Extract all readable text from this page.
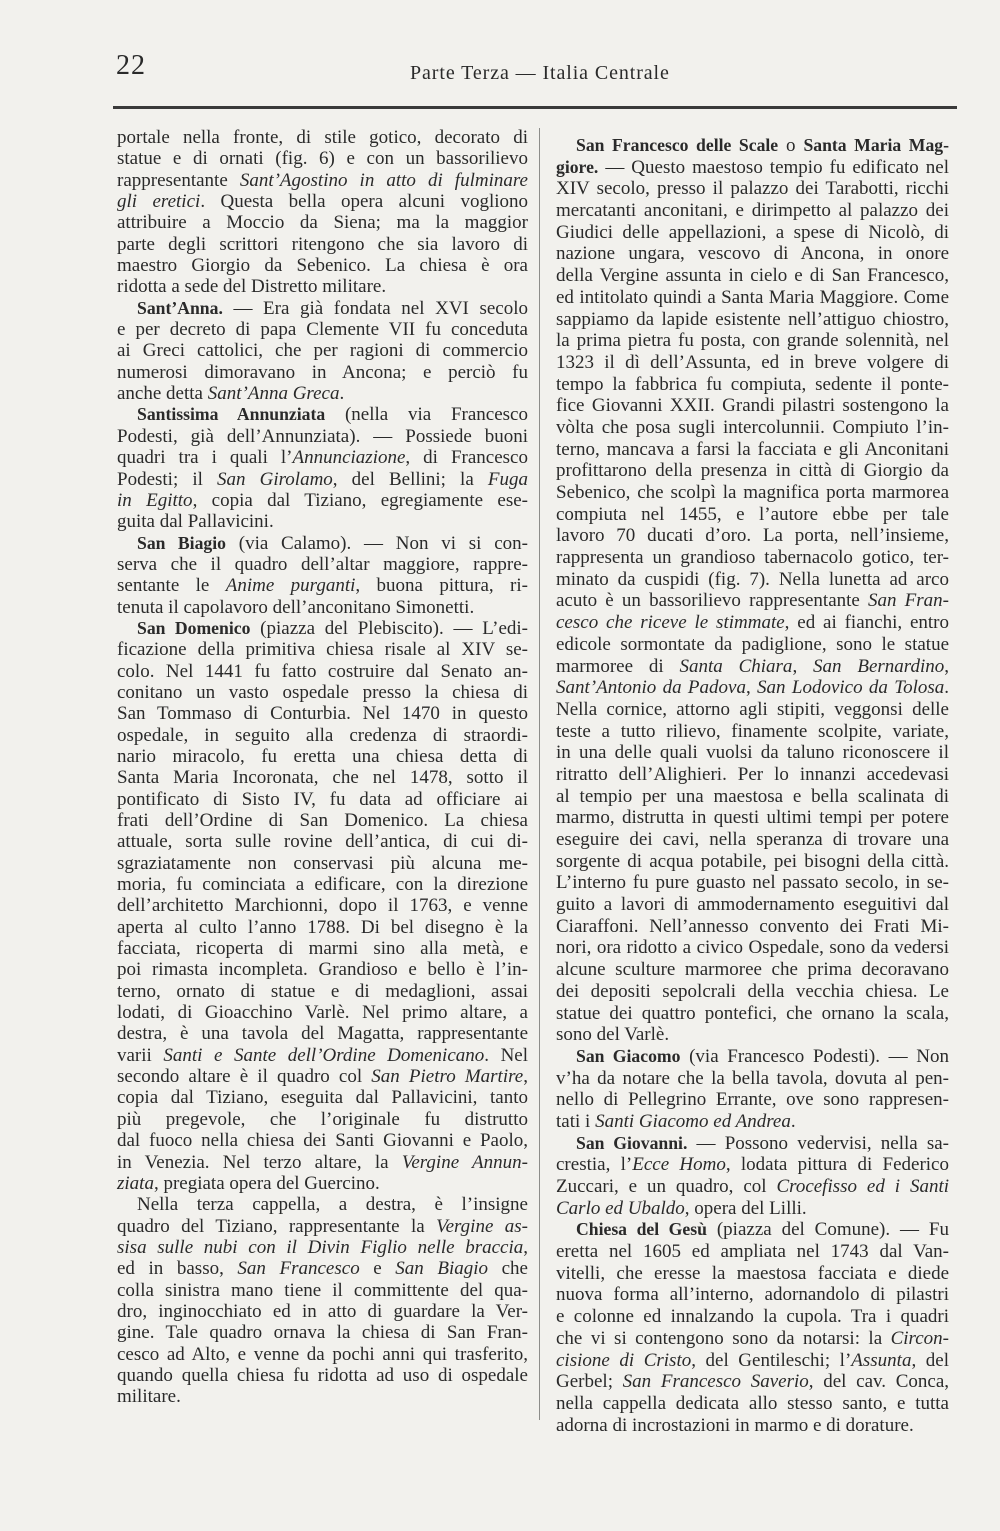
22	Parte Terza — Italia Centrale
portale nella fronte, di stile gotico, decorato di
statue e di ornati (fig. 6) e con un bassorilievo
rappresentante Sant’Agostino in atto di fulminare
gli eretici. Questa bella opera alcuni vogliono
attribuire a Moccio da Siena; ma la maggior
parte degli scrittori ritengono che sia lavoro di
maestro Giorgio da Sebenico. La chiesa è ora
ridotta a sede del Distretto militare.
Sant’Anna. — Era già fondata nel XVI secolo
e per decreto di papa Clemente VII fu conceduta
ai Greci cattolici, che per ragioni di commercio
numerosi dimoravano in Ancona; e perciò fu
anche detta Sant’Anna Greca.
Santissima Annunziata (nella via Francesco
Podesti, già dell’Annunziata). — Possiede buoni
quadri tra i quali l’Annunciazione, di Francesco
Podesti; il San Girolamo, del Bellini; la Fuga
in Egitto, copia dal Tiziano, egregiamente ese-
guita dal Pallavicini.
San Biagio (via Calamo). — Non vi si con-
serva che il quadro dell’altar maggiore, rappre-
sentante le Anime purganti, buona pittura, ri-
tenuta il capolavoro dell’anconitano Simonetti.
San Domenico (piazza del Plebiscito). — L’edi-
ficazione della primitiva chiesa risale al XIV se-
colo. Nel 1441 fu fatto costruire dal Senato an-
conitano un vasto ospedale presso la chiesa di
San Tommaso di Conturbia. Nel 1470 in questo
ospedale, in seguito alla credenza di straordi-
nario miracolo, fu eretta una chiesa detta di
Santa Maria Incoronata, che nel 1478, sotto il
pontificato di Sisto IV, fu data ad officiare ai
frati dell’Ordine di San Domenico. La chiesa
attuale, sorta sulle rovine dell’antica, di cui di-
sgraziatamente non conservasi più alcuna me-
moria, fu cominciata a edificare, con la direzione
dell’architetto Marchionni, dopo il 1763, e venne
aperta al culto l’anno 1788. Di bel disegno è la
facciata, ricoperta di marmi sino alla metà, e
poi rimasta incompleta. Grandioso e bello è l’in-
terno, ornato di statue e di medaglioni, assai
lodati, di Gioacchino Varlè. Nel primo altare, a
destra, è una tavola del Magatta, rappresentante
varii Santi e Sante dell’Ordine Domenicano. Nel
secondo altare è il quadro col San Pietro Martire,
copia dal Tiziano, eseguita dal Pallavicini, tanto
più pregevole, che l’originale fu distrutto
dal fuoco nella chiesa dei Santi Giovanni e Paolo,
in Venezia. Nel terzo altare, la Vergine Annun-
ziata, pregiata opera del Guercino.
Nella terza cappella, a destra, è l’insigne
quadro del Tiziano, rappresentante la Vergine as-
sisa sulle nubi con il Divin Figlio nelle braccia,
ed in basso, San Francesco e San Biagio che
colla sinistra mano tiene il committente del qua-
dro, inginocchiato ed in atto di guardare la Ver-
gine. Tale quadro ornava la chiesa di San Fran-
cesco ad Alto, e venne da pochi anni qui trasferito,
quando quella chiesa fu ridotta ad uso di ospedale
militare.
San Francesco delle Scale o Santa Maria Mag-
giore. — Questo maestoso tempio fu edificato nel
XIV secolo, presso il palazzo dei Tarabotti, ricchi
mercatanti anconitani, e dirimpetto al palazzo dei
Giudici delle appellazioni, a spese di Nicolò, di
nazione ungara, vescovo di Ancona, in onore
della Vergine assunta in cielo e di San Francesco,
ed intitolato quindi a Santa Maria Maggiore. Come
sappiamo da lapide esistente nell’attiguo chiostro,
la prima pietra fu posta, con grande solennità, nel
1323 il dì dell’Assunta, ed in breve volgere di
tempo la fabbrica fu compiuta, sedente il ponte-
fice Giovanni XXII. Grandi pilastri sostengono la
vòlta che posa sugli intercolunnii. Compiuto l’in-
terno, mancava a farsi la facciata e gli Anconitani
profittarono della presenza in città di Giorgio da
Sebenico, che scolpì la magnifica porta marmorea
compiuta nel 1455, e l’autore ebbe per tale
lavoro 70 ducati d’oro. La porta, nell’insieme,
rappresenta un grandioso tabernacolo gotico, ter-
minato da cuspidi (fig. 7). Nella lunetta ad arco
acuto è un bassorilievo rappresentante San Fran-
cesco che riceve le stimmate, ed ai fianchi, entro
edicole sormontate da padiglione, sono le statue
marmoree di Santa Chiara, San Bernardino,
Sant’Antonio da Padova, San Lodovico da Tolosa.
Nella cornice, attorno agli stipiti, veggonsi delle
teste a tutto rilievo, finamente scolpite, variate,
in una delle quali vuolsi da taluno riconoscere il
ritratto dell’Alighieri. Per lo innanzi accedevasi
al tempio per una maestosa e bella scalinata di
marmo, distrutta in questi ultimi tempi per potere
eseguire dei cavi, nella speranza di trovare una
sorgente di acqua potabile, pei bisogni della città.
L’interno fu pure guasto nel passato secolo, in se-
guito a lavori di ammodernamento eseguitivi dal
Ciaraffoni. Nell’annesso convento dei Frati Mi-
nori, ora ridotto a civico Ospedale, sono da vedersi
alcune sculture marmoree che prima decoravano
dei depositi sepolcrali della vecchia chiesa. Le
statue dei quattro pontefici, che ornano la scala,
sono del Varlè.
San Giacomo (via Francesco Podesti). — Non
v’ha da notare che la bella tavola, dovuta al pen-
nello di Pellegrino Errante, ove sono rappresen-
tati i Santi Giacomo ed Andrea.
San Giovanni. — Possono vedervisi, nella sa-
crestia, l’Ecce Homo, lodata pittura di Federico
Zuccari, e un quadro, col Crocefisso ed i Santi
Carlo ed Ubaldo, opera del Lilli.
Chiesa del Gesù (piazza del Comune). — Fu
eretta nel 1605 ed ampliata nel 1743 dal Van-
vitelli, che eresse la maestosa facciata e diede
nuova forma all’interno, adornandolo di pilastri
e colonne ed innalzando la cupola. Tra i quadri
che vi si contengono sono da notarsi: la Circon-
cisione di Cristo, del Gentileschi; l’Assunta, del
Gerbel; San Francesco Saverio, del cav. Conca,
nella cappella dedicata allo stesso santo, e tutta
adorna di incrostazioni in marmo e di dorature.
